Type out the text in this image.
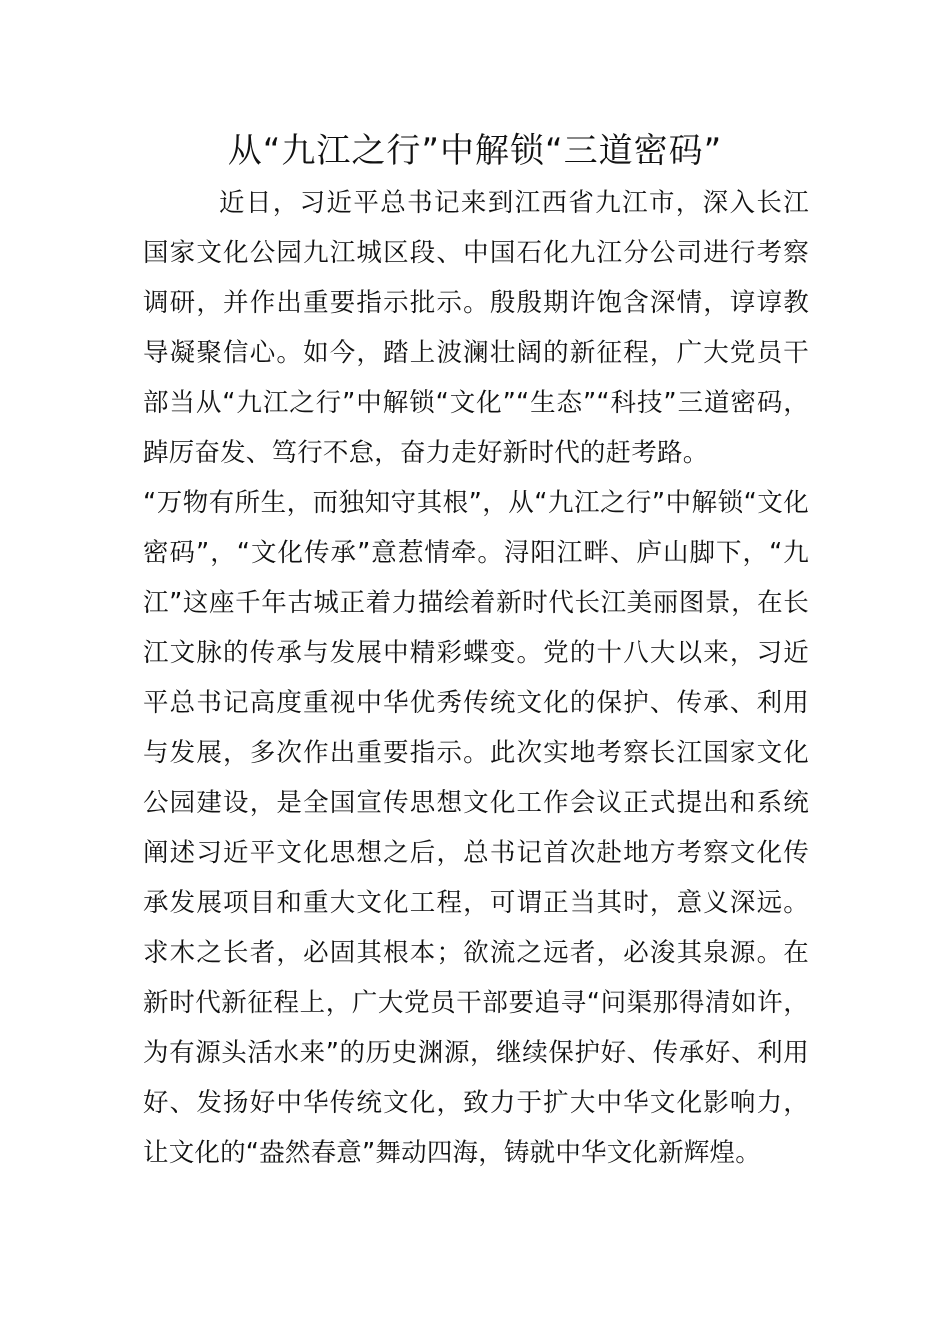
从“九江之行”中解锁“三道密码”

近日，习近平总书记来到江西省九江市，深入长江国家文化公园九江城区段、中国石化九江分公司进行考察调研，并作出重要指示批示。殷殷期许饱含深情，谆谆教导凝聚信心。如今，踏上波澜壮阔的新征程，广大党员干部当从“九江之行”中解锁“文化”“生态”“科技”三道密码，踔厉奋发、笃行不怠，奋力走好新时代的赶考路。

“万物有所生，而独知守其根”，从“九江之行”中解锁“文化密码”，“文化传承”意惹情牵。浔阳江畔、庐山脚下，“九江”这座千年古城正着力描绘着新时代长江美丽图景，在长江文脉的传承与发展中精彩蝶变。党的十八大以来，习近平总书记高度重视中华优秀传统文化的保护、传承、利用与发展，多次作出重要指示。此次实地考察长江国家文化公园建设，是全国宣传思想文化工作会议正式提出和系统阐述习近平文化思想之后，总书记首次赴地方考察文化传承发展项目和重大文化工程，可谓正当其时，意义深远。求木之长者，必固其根本；欲流之远者，必浚其泉源。在新时代新征程上，广大党员干部要追寻“问渠那得清如许，为有源头活水来”的历史渊源，继续保护好、传承好、利用好、发扬好中华传统文化，致力于扩大中华文化影响力，让文化的“盎然春意”舞动四海，铸就中华文化新辉煌。
